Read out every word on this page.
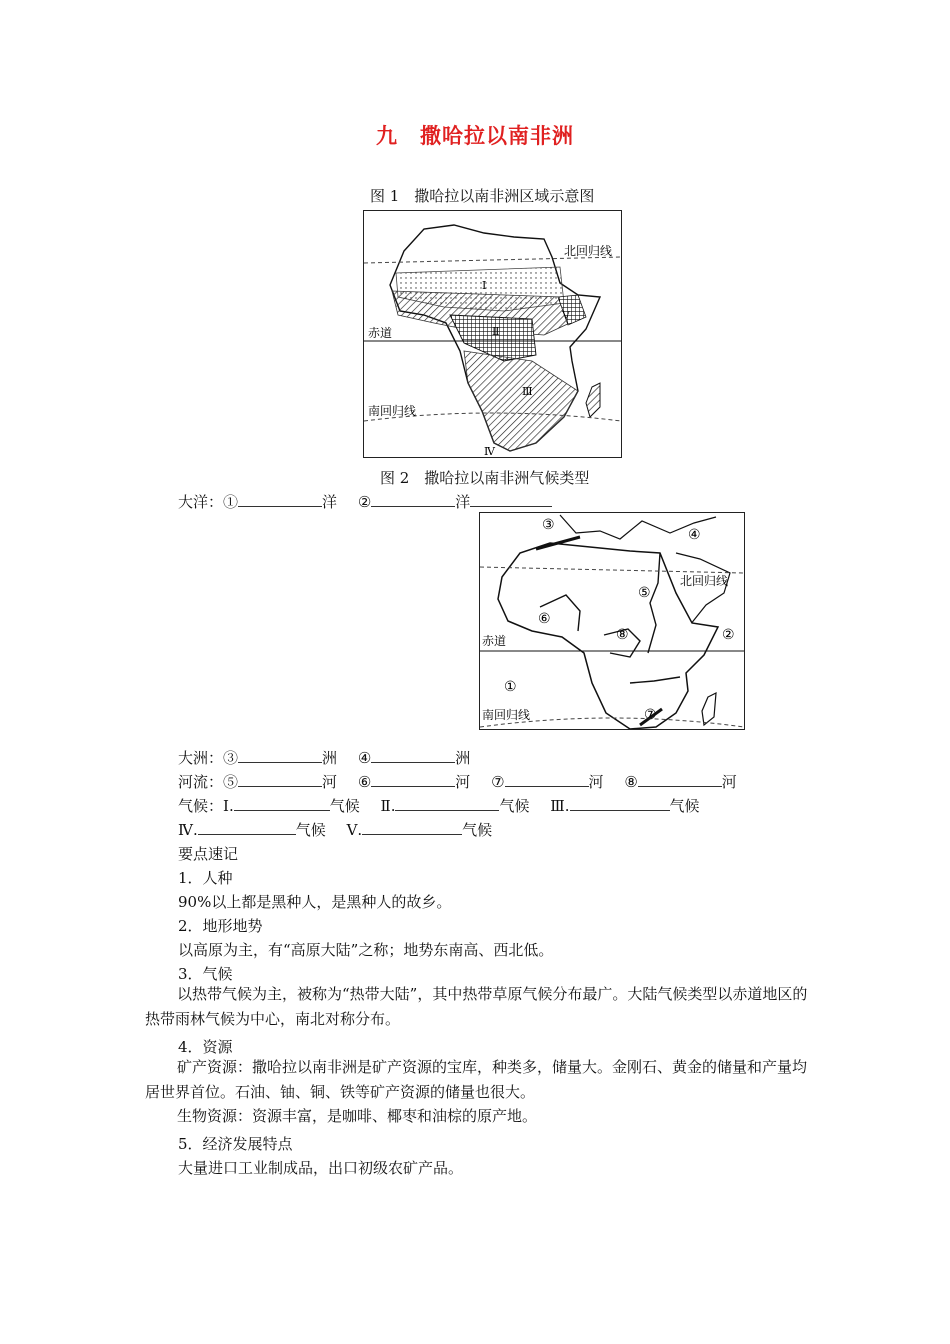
九　撒哈拉以南非洲
图 1　撒哈拉以南非洲区域示意图
北回归线
赤道
南回归线
Ⅰ
Ⅱ
Ⅲ
Ⅳ
Ⅴ
图 2　撒哈拉以南非洲气候类型
大洋：①	洋 ②	洋
北回归线
赤道
南回归线
①
②
③
④
⑤
⑥
⑦
⑧
大洲：③	洲 ④	洲
河流：⑤	河 ⑥	河 ⑦	河 ⑧	河
气候：Ⅰ.	气候 Ⅱ.	气候 Ⅲ.	气候
Ⅳ.	气候 Ⅴ.	气候
要点速记
1．人种
90%以上都是黑种人，是黑种人的故乡。
2．地形地势
以高原为主，有“高原大陆”之称；地势东南高、西北低。
3．气候
以热带气候为主，被称为“热带大陆”，其中热带草原气候分布最广。大陆气候类型以赤道地区的热带雨林气候为中心，南北对称分布。
4．资源
矿产资源：撒哈拉以南非洲是矿产资源的宝库，种类多，储量大。金刚石、黄金的储量和产量均居世界首位。石油、铀、铜、铁等矿产资源的储量也很大。
生物资源：资源丰富，是咖啡、椰枣和油棕的原产地。
5．经济发展特点
大量进口工业制成品，出口初级农矿产品。
